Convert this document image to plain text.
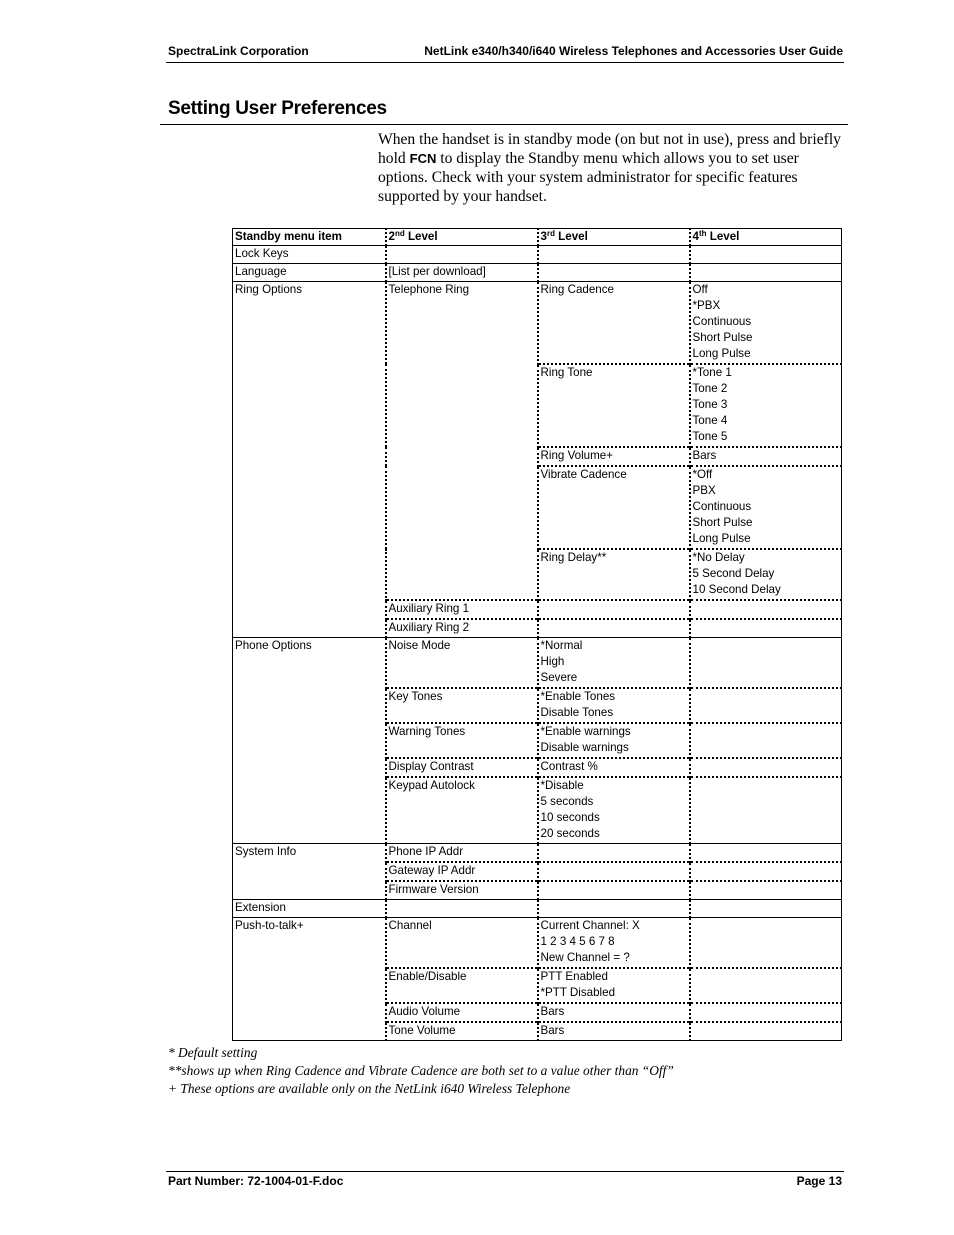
SpectraLink Corporation	NetLink e340/h340/i640 Wireless Telephones and Accessories User Guide
Setting User Preferences

When the handset is in standby mode (on but not in use), press and briefly hold FCN to display the Standby menu which allows you to set user options. Check with your system administrator for specific features supported by your handset.

Standby menu item	2nd Level	3rd Level	4th Level

Lock Keys			

Language	[List per download]		

Ring Options	Telephone Ring	Ring Cadence	Off
*PBX
Continuous
Short Pulse
Long Pulse

		Ring Tone	*Tone 1
Tone 2
Tone 3
Tone 4
Tone 5

		Ring Volume+	Bars

		Vibrate Cadence	*Off
PBX
Continuous
Short Pulse
Long Pulse

		Ring Delay**	*No Delay
5 Second Delay
10 Second Delay

	Auxiliary Ring 1		

	Auxiliary Ring 2		

Phone Options	Noise Mode	*Normal
High
Severe	

	Key Tones	*Enable Tones
Disable Tones	

	Warning Tones	*Enable warnings
Disable warnings	

	Display Contrast	Contrast %	

	Keypad Autolock	*Disable
5 seconds
10 seconds
20 seconds	

System Info	Phone IP Addr		

	Gateway IP Addr		

	Firmware Version		

Extension			

Push-to-talk+	Channel	Current Channel: X
1 2 3 4 5 6 7 8
New Channel = ?	

	Enable/Disable	PTT Enabled
*PTT Disabled	

	Audio Volume	Bars	

	Tone Volume	Bars	

* Default setting
**shows up when Ring Cadence and Vibrate Cadence are both set to a value other than “Off”
+ These options are available only on the NetLink i640 Wireless Telephone
Part Number: 72-1004-01-F.doc	Page 13
